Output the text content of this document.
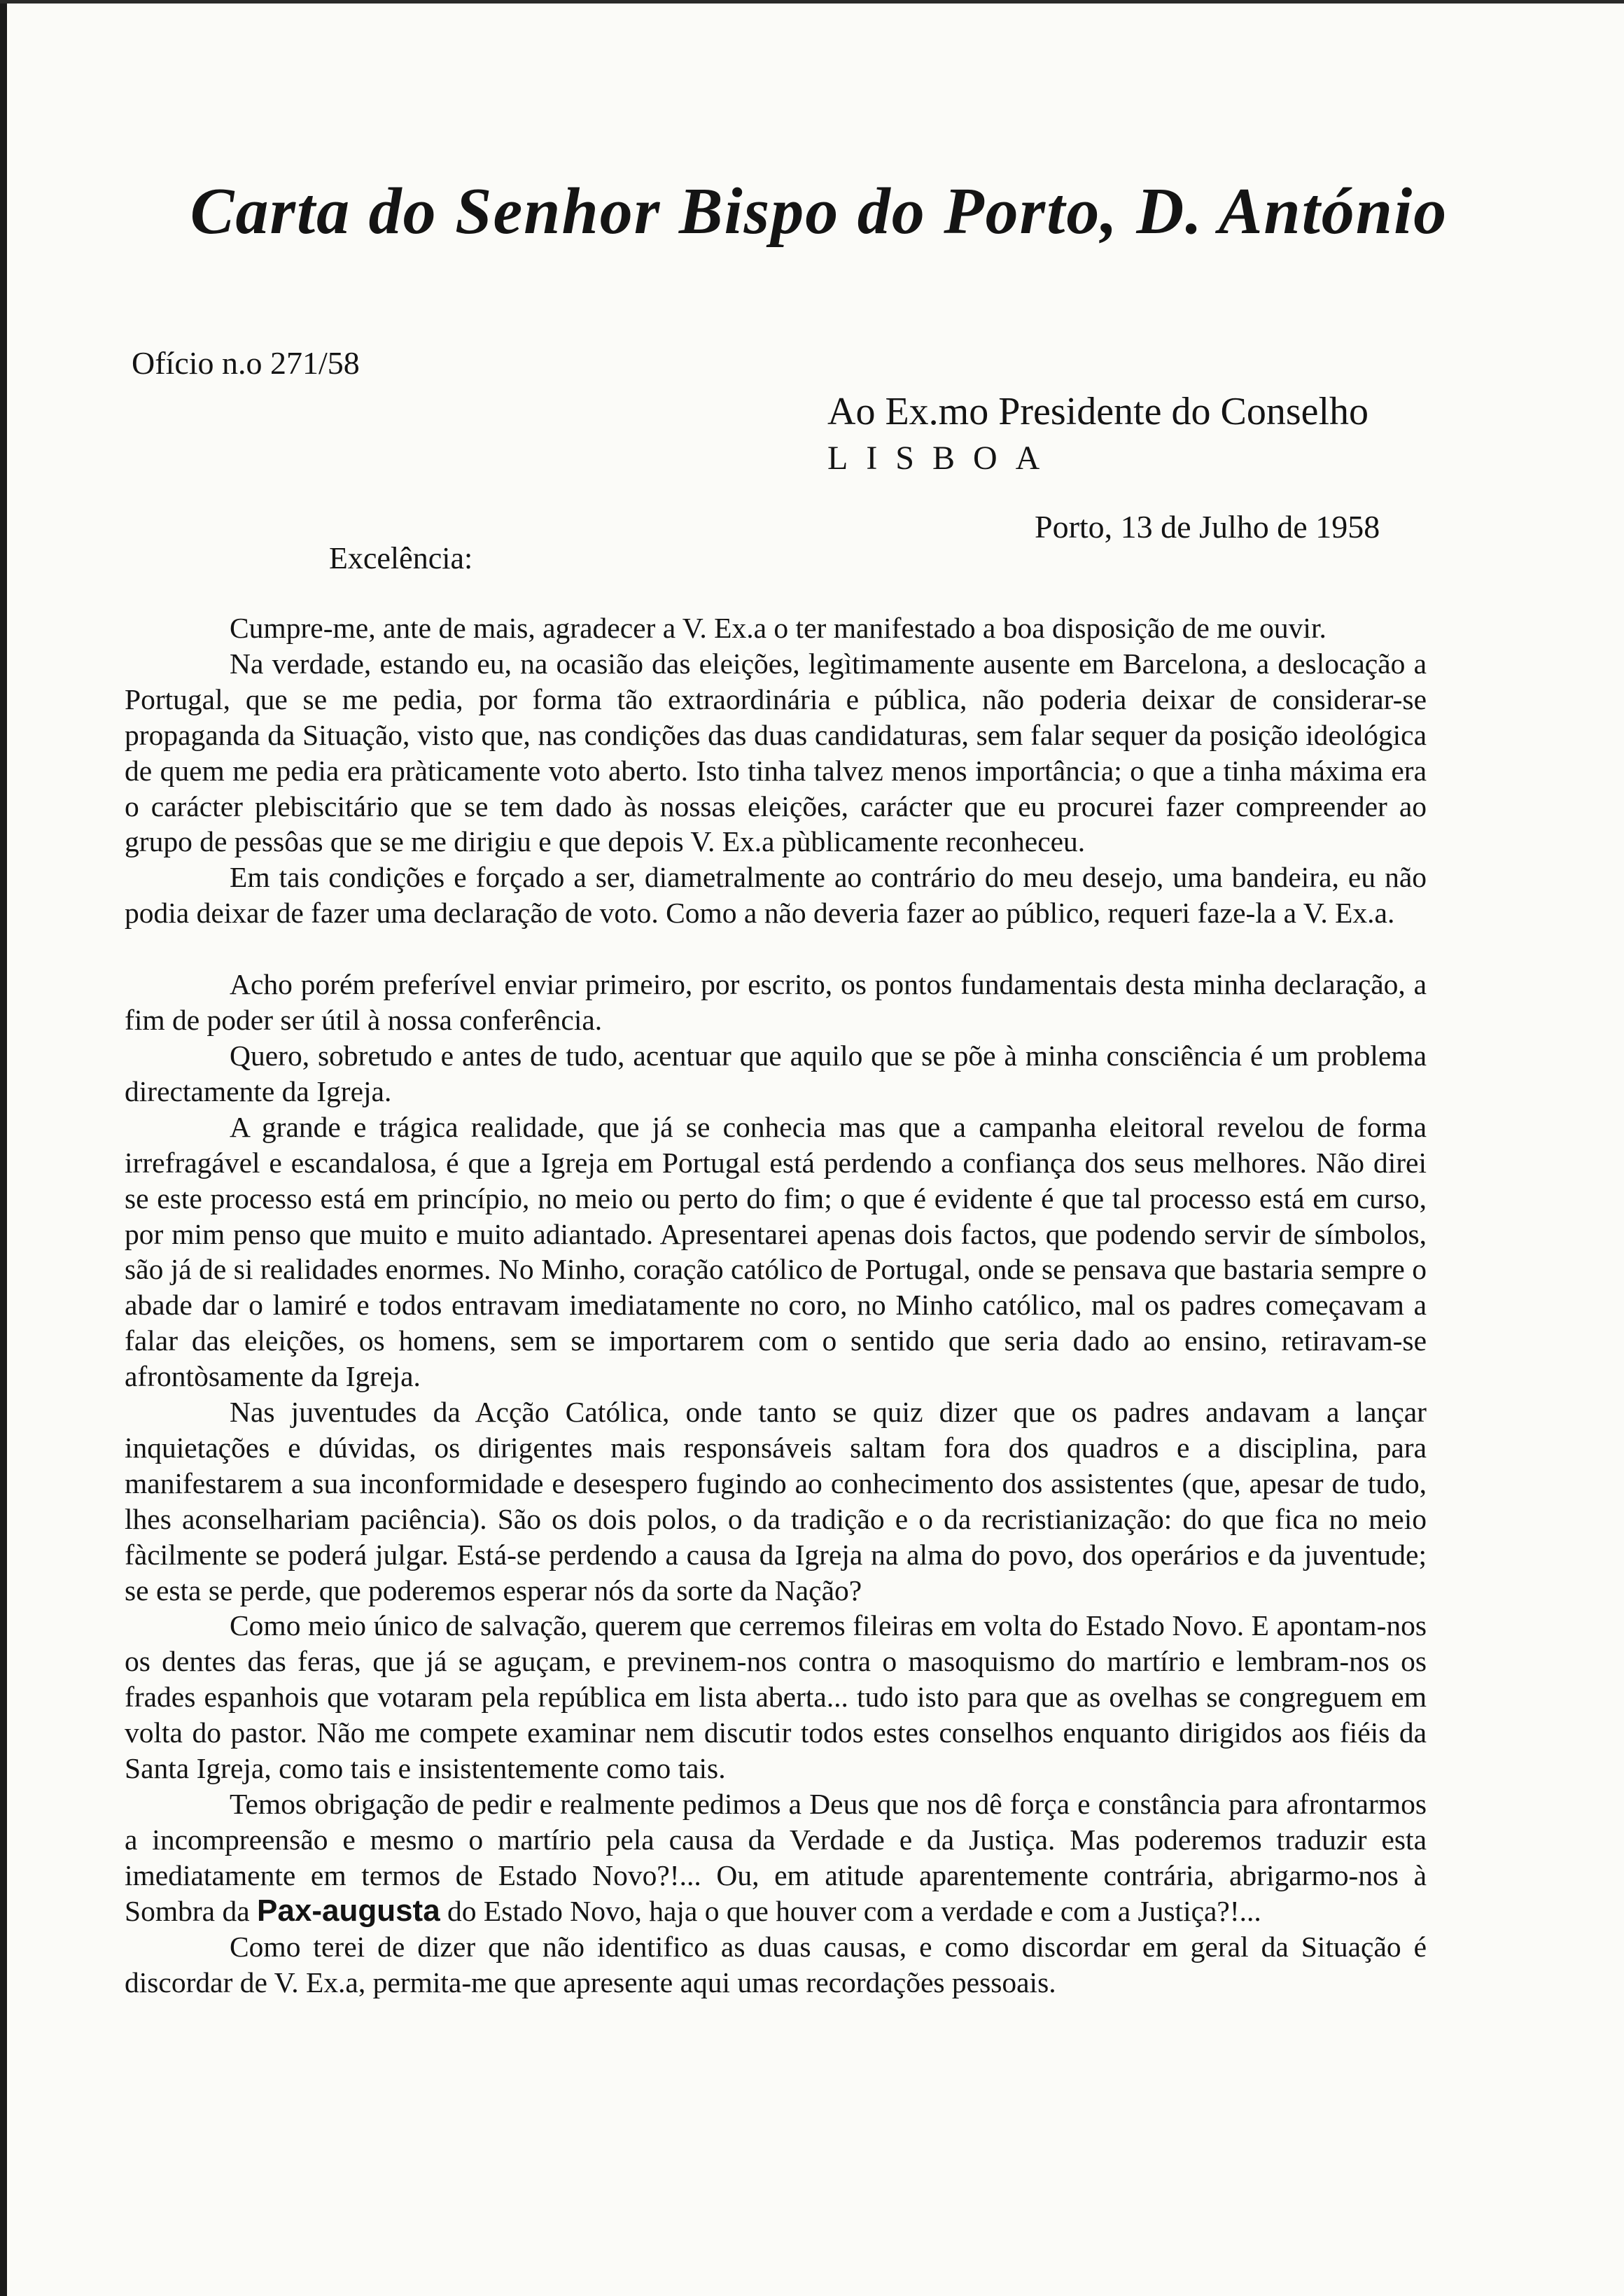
Carta do Senhor Bispo do Porto, D. António
Ofício n.o 271/58
Ao Ex.mo Presidente do Conselho
LISBOA
Porto, 13 de Julho de 1958
Excelência:

Cumpre-me, ante de mais, agradecer a V. Ex.a o ter manifestado a boa disposição de me ouvir.

Na verdade, estando eu, na ocasião das eleições, legìtimamente ausente em Barcelona, a deslocação a Portugal, que se me pedia, por forma tão extraordinária e pública, não poderia deixar de considerar-se propaganda da Situação, visto que, nas condições das duas candidaturas, sem falar sequer da posição ideológica de quem me pedia era pràticamente voto aberto. Isto tinha talvez menos importância; o que a tinha máxima era o carácter plebiscitário que se tem dado às nossas eleições, carácter que eu procurei fazer compreender ao grupo de pessôas que se me dirigiu e que depois V. Ex.a pùblicamente reconheceu.

Em tais condições e forçado a ser, diametralmente ao contrário do meu desejo, uma bandeira, eu não podia deixar de fazer uma declaração de voto. Como a não deveria fazer ao público, requeri faze-la a V. Ex.a.

Acho porém preferível enviar primeiro, por escrito, os pontos fundamentais desta minha declaração, a fim de poder ser útil à nossa conferência.

Quero, sobretudo e antes de tudo, acentuar que aquilo que se põe à minha consciência é um problema directamente da Igreja.

A grande e trágica realidade, que já se conhecia mas que a campanha eleitoral revelou de forma irrefragável e escandalosa, é que a Igreja em Portugal está perdendo a confiança dos seus melhores. Não direi se este processo está em princípio, no meio ou perto do fim; o que é evidente é que tal processo está em curso, por mim penso que muito e muito adiantado. Apresentarei apenas dois factos, que podendo servir de símbolos, são já de si realidades enormes. No Minho, coração católico de Portugal, onde se pensava que bastaria sempre o abade dar o lamiré e todos entravam imediatamente no coro, no Minho católico, mal os padres começavam a falar das eleições, os homens, sem se importarem com o sentido que seria dado ao ensino, retiravam-se afrontòsamente da Igreja.

Nas juventudes da Acção Católica, onde tanto se quiz dizer que os padres andavam a lançar inquietações e dúvidas, os dirigentes mais responsáveis saltam fora dos quadros e a disciplina, para manifestarem a sua inconformidade e desespero fugindo ao conhecimento dos assistentes (que, apesar de tudo, lhes aconselhariam paciência). São os dois polos, o da tradição e o da recristianização: do que fica no meio fàcilmente se poderá julgar. Está-se perdendo a causa da Igreja na alma do povo, dos operários e da juventude; se esta se perde, que poderemos esperar nós da sorte da Nação?

Como meio único de salvação, querem que cerremos fileiras em volta do Estado Novo. E apontam-nos os dentes das feras, que já se aguçam, e previnem-nos contra o masoquismo do martírio e lembram-nos os frades espanhois que votaram pela república em lista aberta... tudo isto para que as ovelhas se congreguem em volta do pastor. Não me compete examinar nem discutir todos estes conselhos enquanto dirigidos aos fiéis da Santa Igreja, como tais e insistentemente como tais.

Temos obrigação de pedir e realmente pedimos a Deus que nos dê força e constância para afrontarmos a incompreensão e mesmo o martírio pela causa da Verdade e da Justiça. Mas poderemos traduzir esta imediatamente em termos de Estado Novo?!... Ou, em atitude aparentemente contrária, abrigarmo-nos à Sombra da Pax-augusta do Estado Novo, haja o que houver com a verdade e com a Justiça?!...

Como terei de dizer que não identifico as duas causas, e como discordar em geral da Situação é discordar de V. Ex.a, permita-me que apresente aqui umas recordações pessoais.
